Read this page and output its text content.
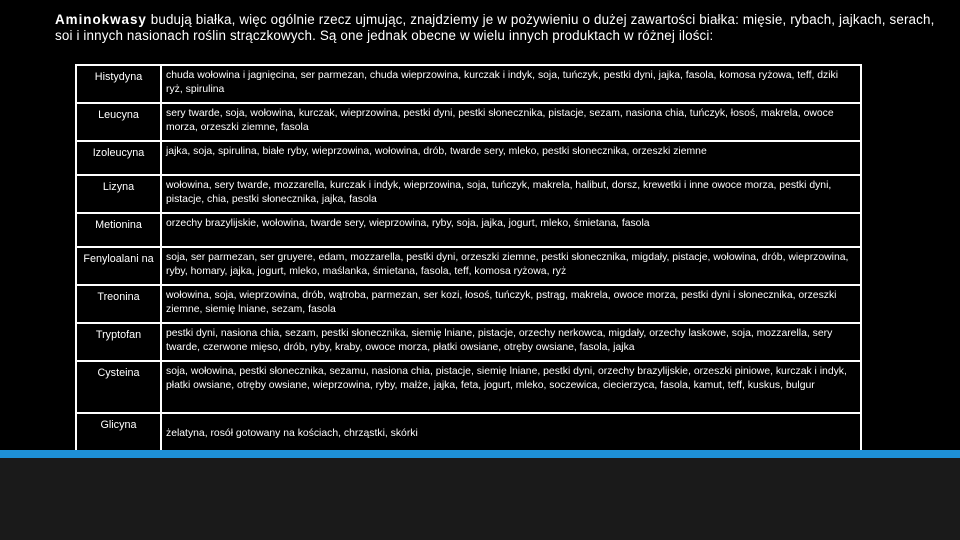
Aminokwasy budują białka, więc ogólnie rzecz ujmując, znajdziemy je w pożywieniu o dużej zawartości białka: mięsie, rybach, jajkach, serach, soi i innych nasionach roślin strączkowych. Są one jednak obecne w wielu innych produktach w różnej ilości:
Histydyna	chuda wołowina i jagnięcina, ser parmezan, chuda wieprzowina, kurczak i indyk, soja, tuńczyk, pestki dyni, jajka, fasola, komosa ryżowa, teff, dziki ryż, spirulina
Leucyna	sery twarde, soja, wołowina, kurczak, wieprzowina, pestki dyni, pestki słonecznika, pistacje, sezam, nasiona chia, tuńczyk, łosoś, makrela, owoce morza, orzeszki ziemne, fasola
Izoleucyna	jajka, soja, spirulina, białe ryby, wieprzowina, wołowina, drób, twarde sery, mleko, pestki słonecznika, orzeszki ziemne
Lizyna	wołowina, sery twarde, mozzarella, kurczak i indyk, wieprzowina, soja, tuńczyk, makrela, halibut, dorsz, krewetki i inne owoce morza, pestki dyni, pistacje, chia, pestki słonecznika, jajka, fasola
Metionina	orzechy brazylijskie, wołowina, twarde sery, wieprzowina, ryby, soja, jajka, jogurt, mleko, śmietana, fasola
Fenyloalani na	soja, ser parmezan, ser gruyere, edam, mozzarella, pestki dyni, orzeszki ziemne, pestki słonecznika, migdały, pistacje, wołowina, drób, wieprzowina, ryby, homary, jajka, jogurt, mleko, maślanka, śmietana, fasola, teff, komosa ryżowa, ryż
Treonina	wołowina, soja, wieprzowina, drób, wątroba, parmezan, ser kozi, łosoś, tuńczyk, pstrąg, makrela, owoce morza, pestki dyni i słonecznika, orzeszki ziemne, siemię lniane, sezam, fasola
Tryptofan	pestki dyni, nasiona chia, sezam, pestki słonecznika, siemię lniane, pistacje, orzechy nerkowca, migdały, orzechy laskowe, soja, mozzarella, sery twarde, czerwone mięso, drób, ryby, kraby, owoce morza, płatki owsiane, otręby owsiane, fasola, jajka
Cysteina	soja, wołowina, pestki słonecznika, sezamu, nasiona chia, pistacje, siemię lniane, pestki dyni, orzechy brazylijskie, orzeszki piniowe, kurczak i indyk, płatki owsiane, otręby owsiane, wieprzowina, ryby, małże, jajka, feta, jogurt, mleko, soczewica, ciecierzyca, fasola, kamut, teff, kuskus, bulgur
Glicyna	żelatyna, rosół gotowany na kościach, chrząstki, skórki
